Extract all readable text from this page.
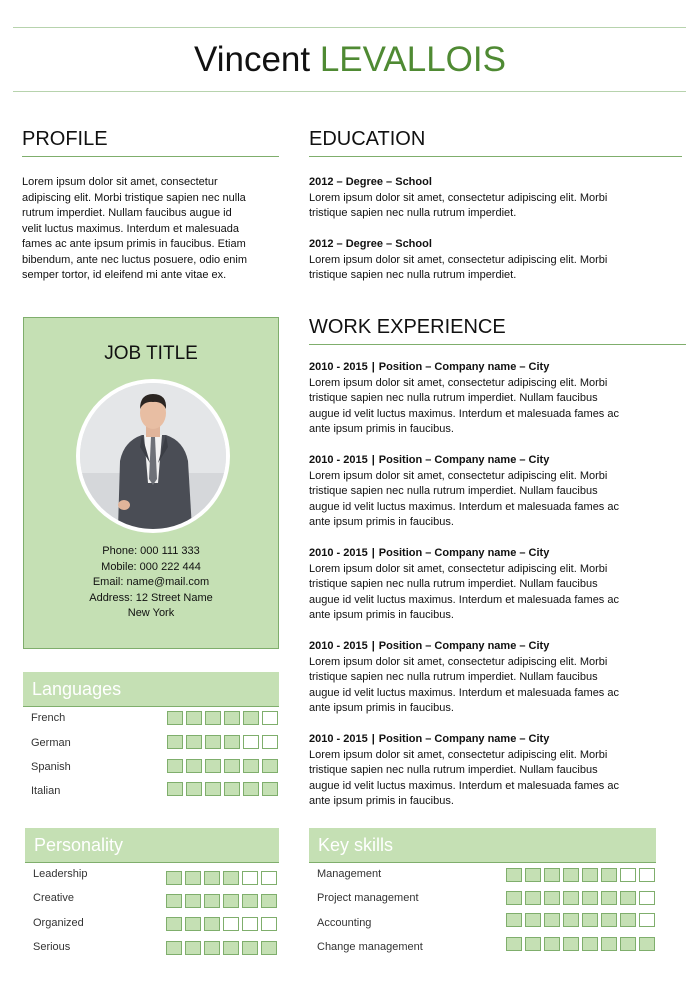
Vincent LEVALLOIS
PROFILE
Lorem ipsum dolor sit amet, consectetur
adipiscing elit. Morbi tristique sapien nec nulla
rutrum imperdiet. Nullam faucibus augue id
velit luctus maximus. Interdum et malesuada
fames ac ante ipsum primis in faucibus. Etiam
bibendum, ante nec luctus posuere, odio enim
semper tortor, id eleifend mi ante vitae ex.
EDUCATION
2012 – Degree – School
Lorem ipsum dolor sit amet, consectetur adipiscing elit. Morbi
tristique sapien nec nulla rutrum imperdiet.
2012 – Degree – School
Lorem ipsum dolor sit amet, consectetur adipiscing elit. Morbi
tristique sapien nec nulla rutrum imperdiet.
WORK EXPERIENCE
2010 - 2015 | Position – Company name – City
Lorem ipsum dolor sit amet, consectetur adipiscing elit. Morbi
tristique sapien nec nulla rutrum imperdiet. Nullam faucibus
augue id velit luctus maximus. Interdum et malesuada fames ac
ante ipsum primis in faucibus.
2010 - 2015 | Position – Company name – City
Lorem ipsum dolor sit amet, consectetur adipiscing elit. Morbi
tristique sapien nec nulla rutrum imperdiet. Nullam faucibus
augue id velit luctus maximus. Interdum et malesuada fames ac
ante ipsum primis in faucibus.
2010 - 2015 | Position – Company name – City
Lorem ipsum dolor sit amet, consectetur adipiscing elit. Morbi
tristique sapien nec nulla rutrum imperdiet. Nullam faucibus
augue id velit luctus maximus. Interdum et malesuada fames ac
ante ipsum primis in faucibus.
2010 - 2015 | Position – Company name – City
Lorem ipsum dolor sit amet, consectetur adipiscing elit. Morbi
tristique sapien nec nulla rutrum imperdiet. Nullam faucibus
augue id velit luctus maximus. Interdum et malesuada fames ac
ante ipsum primis in faucibus.
2010 - 2015 | Position – Company name – City
Lorem ipsum dolor sit amet, consectetur adipiscing elit. Morbi
tristique sapien nec nulla rutrum imperdiet. Nullam faucibus
augue id velit luctus maximus. Interdum et malesuada fames ac
ante ipsum primis in faucibus.
JOB TITLE
Phone: 000 111 333
Mobile: 000 222 444
Email: name@mail.com
Address: 12 Street Name
New York
Languages
French
German
Spanish
Italian
Personality
Leadership
Creative
Organized
Serious
Key skills
Management
Project management
Accounting
Change management
